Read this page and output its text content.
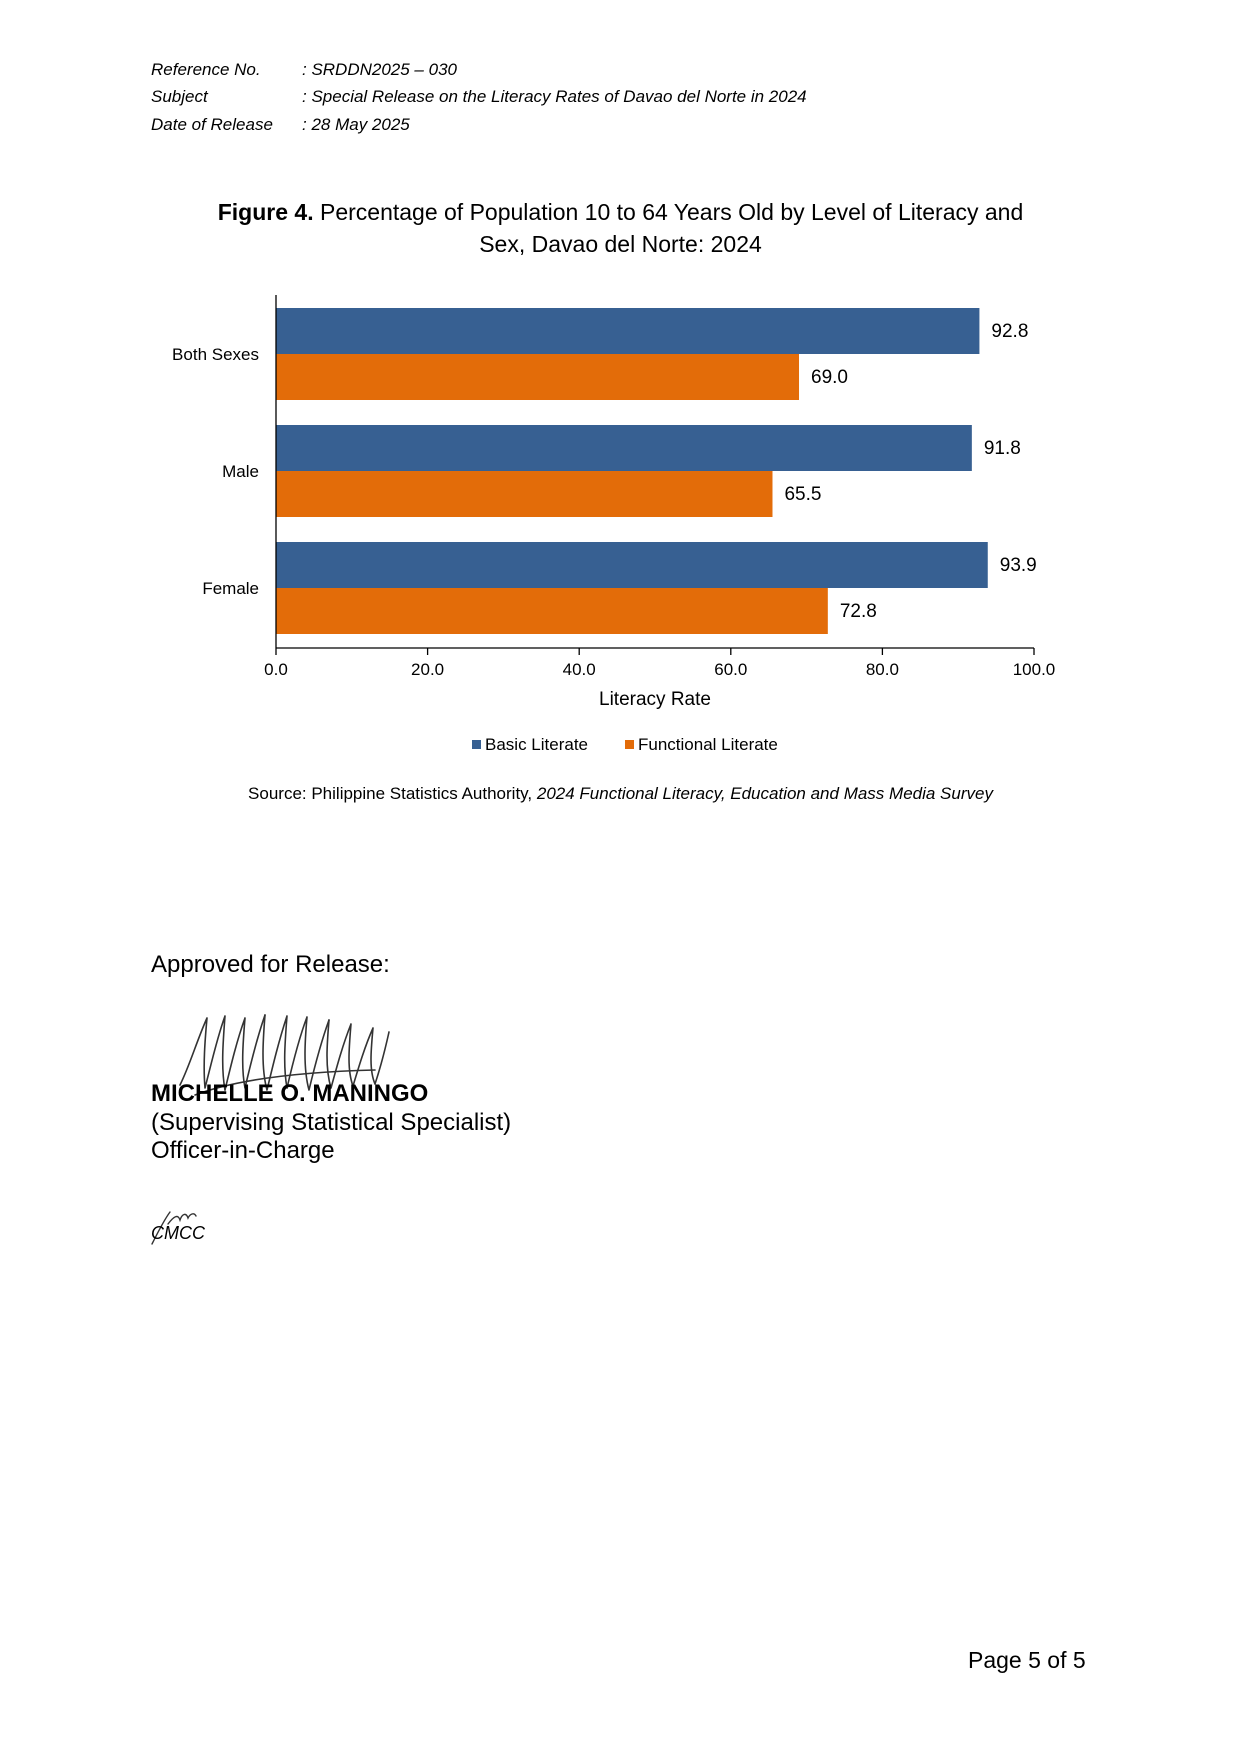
Reference No. : SRDDN2025 – 030
Subject	: Special Release on the Literacy Rates of Davao del Norte in 2024
Date of Release : 28 May 2025
Figure 4. Percentage of Population 10 to 64 Years Old by Level of Literacy and
Sex, Davao del Norte: 2024
Both Sexes
92.8
69.0
Male
91.8
65.5
Female
93.9
72.8
0.0	20.0	40.0	60.0	80.0	100.0
Literacy Rate
Basic Literate	Functional Literate
Source: Philippine Statistics Authority, 2024 Functional Literacy, Education and Mass Media Survey
Approved for Release:
MICHELLE O. MANINGO
(Supervising Statistical Specialist)
Officer-in-Charge
CMCC
Page 5 of 5
